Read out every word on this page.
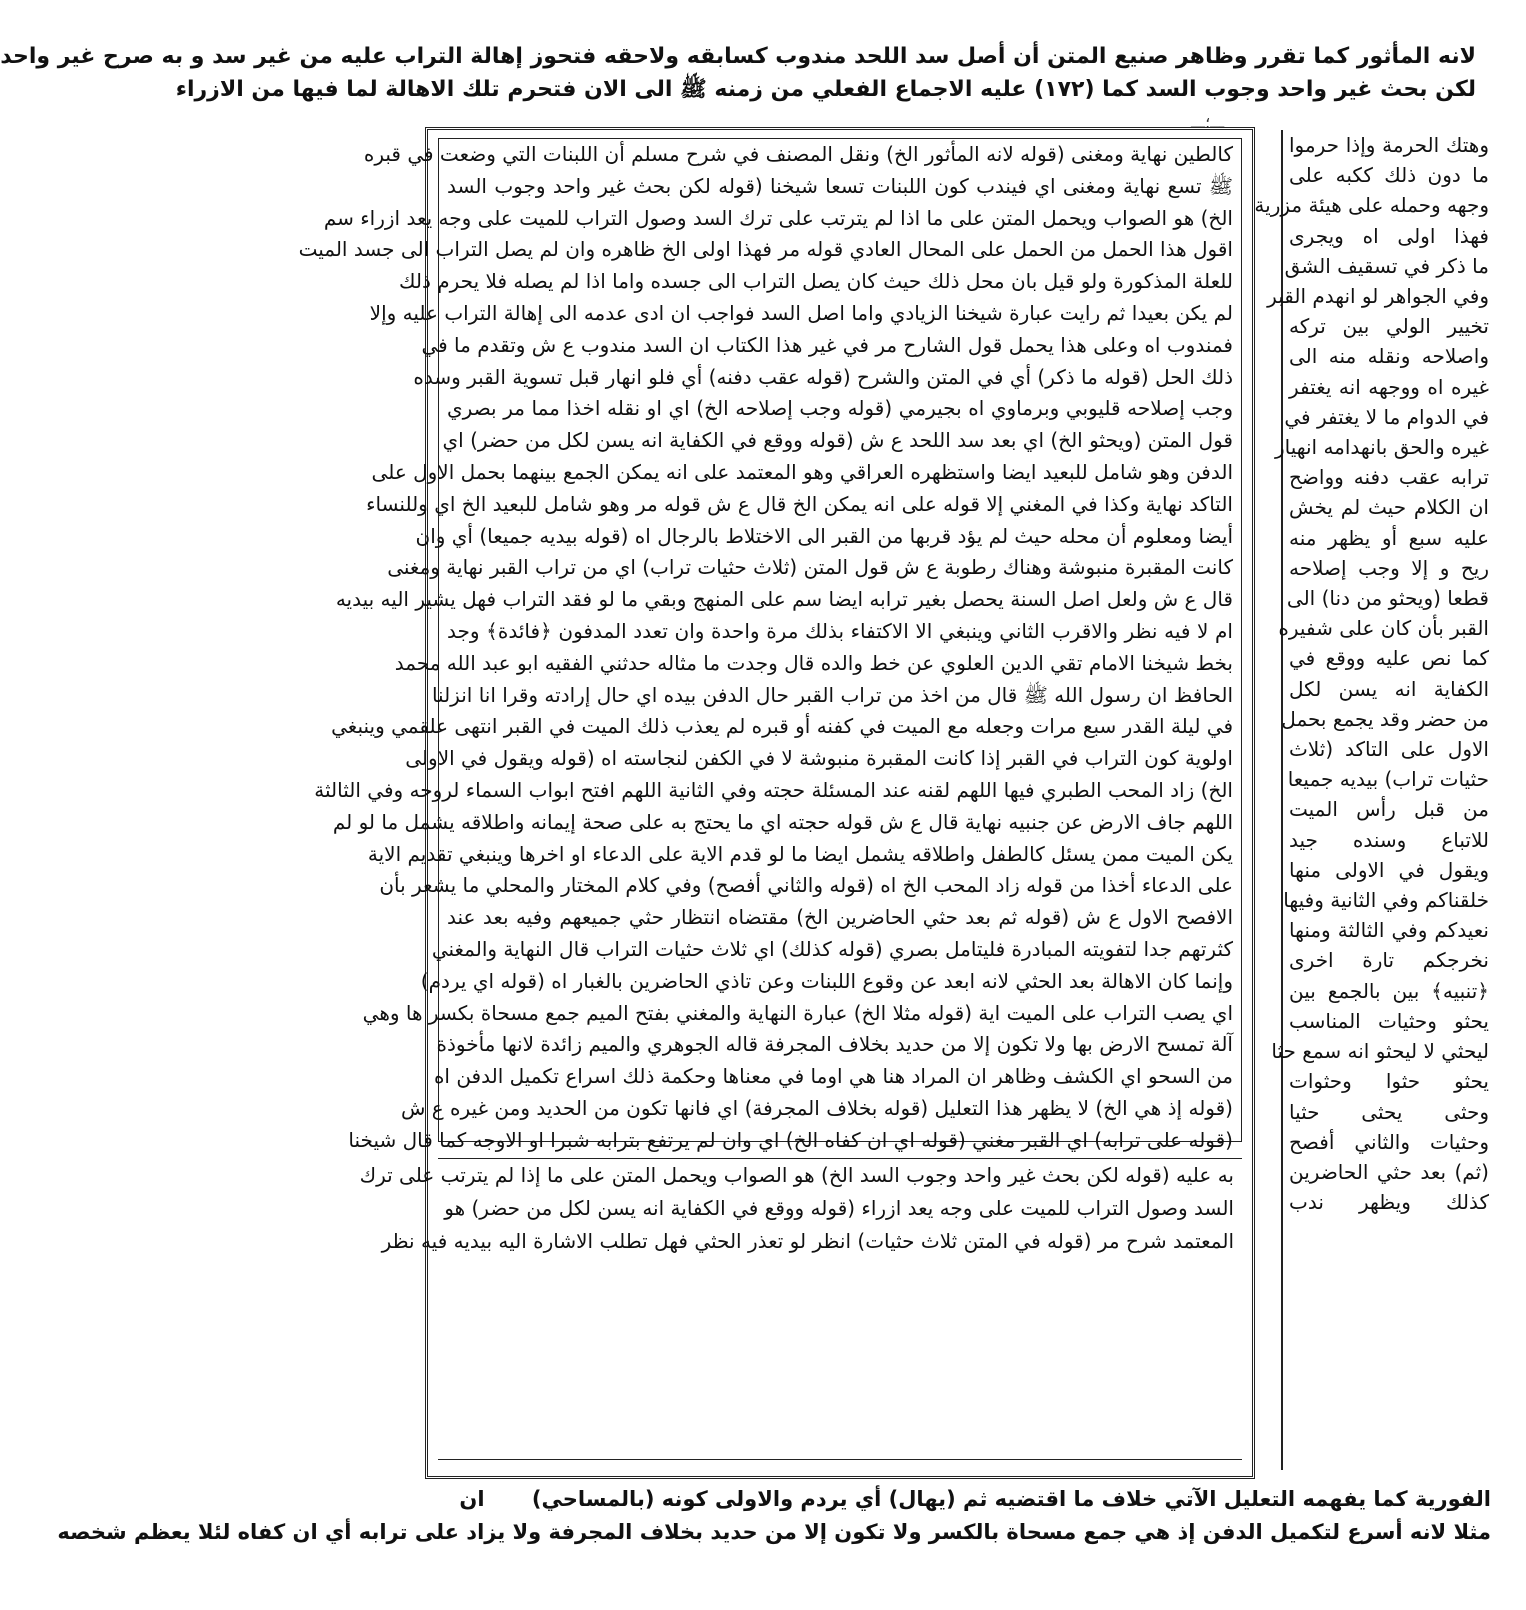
لانه المأثور كما تقرر وظاهر صنيع المتن أن أصل سد اللحد مندوب كسابقه ولاحقه فتحوز إهالة التراب عليه من غير سد و به صرح غير واحد
لكن بحث غير واحد وجوب السد كما (١٧٢) عليه الاجماع الفعلي من زمنه ﷺ الى الان فتحرم تلك الاهالة لما فيها من الازراء
ـــ؛ـــ
وهتك الحرمة وإذا حرموا
ما دون ذلك ككبه على
وجهه وحمله على هيئة مزرية
فهذا اولى اه ويجرى
ما ذكر في تسقيف الشق
وفي الجواهر لو انهدم القبر
تخيير الولي بين تركه
واصلاحه ونقله منه الى
غيره اه ووجهه انه يغتفر
في الدوام ما لا يغتفر في
غيره والحق بانهدامه انهيار
ترابه عقب دفنه وواضح
ان الكلام حيث لم يخش
عليه سبع أو يظهر منه
ريح و إلا وجب إصلاحه
قطعا (ويحثو من دنا) الى
القبر بأن كان على شفيره
كما نص عليه ووقع في
الكفاية انه يسن لكل
من حضر وقد يجمع بحمل
الاول على التاكد (ثلاث
حثيات تراب) بيديه جميعا
من قبل رأس الميت
للاتباع وسنده جيد
ويقول في الاولى منها
خلقناكم وفي الثانية وفيها
نعيدكم وفي الثالثة ومنها
نخرجكم تارة اخرى
﴿تنبيه﴾ بين بالجمع بين
يحثو وحثيات المناسب
ليحثي لا ليحثو انه سمع حثا
يحثو حثوا وحثوات
وحثى يحثى حثيا
وحثيات والثاني أفصح
(ثم) بعد حثي الحاضرين
كذلك ويظهر ندب
كالطين نهاية ومغنى (قوله لانه المأثور الخ) ونقل المصنف في شرح مسلم أن اللبنات التي وضعت في قبره
ﷺ تسع نهاية ومغنى اي فيندب كون اللبنات تسعا شيخنا (قوله لكن بحث غير واحد وجوب السد
الخ) هو الصواب ويحمل المتن على ما اذا لم يترتب على ترك السد وصول التراب للميت على وجه يعد ازراء سم
اقول هذا الحمل من الحمل على المحال العادي قوله مر فهذا اولى الخ ظاهره وان لم يصل التراب الى جسد الميت
للعلة المذكورة ولو قيل بان محل ذلك حيث كان يصل التراب الى جسده واما اذا لم يصله فلا يحرم ذلك
لم يكن بعيدا ثم رايت عبارة شيخنا الزيادي واما اصل السد فواجب ان ادى عدمه الى إهالة التراب عليه وإلا
فمندوب اه وعلى هذا يحمل قول الشارح مر في غير هذا الكتاب ان السد مندوب ع ش وتقدم ما في
ذلك الحل (قوله ما ذكر) أي في المتن والشرح (قوله عقب دفنه) أي فلو انهار قبل تسوية القبر وسده
وجب إصلاحه قليوبي وبرماوي اه بجيرمي (قوله وجب إصلاحه الخ) اي او نقله اخذا مما مر بصري
قول المتن (ويحثو الخ) اي بعد سد اللحد ع ش (قوله ووقع في الكفاية انه يسن لكل من حضر) اي
الدفن وهو شامل للبعيد ايضا واستظهره العراقي وهو المعتمد على انه يمكن الجمع بينهما بحمل الاول على
التاكد نهاية وكذا في المغني إلا قوله على انه يمكن الخ قال ع ش قوله مر وهو شامل للبعيد الخ اي وللنساء
أيضا ومعلوم أن محله حيث لم يؤد قربها من القبر الى الاختلاط بالرجال اه (قوله بيديه جميعا) أي وان
كانت المقبرة منبوشة وهناك رطوبة ع ش قول المتن (ثلاث حثيات تراب) اي من تراب القبر نهاية ومغنى
قال ع ش ولعل اصل السنة يحصل بغير ترابه ايضا سم على المنهج وبقي ما لو فقد التراب فهل يشير اليه بيديه
ام لا فيه نظر والاقرب الثاني وينبغي الا الاكتفاء بذلك مرة واحدة وان تعدد المدفون ﴿فائدة﴾ وجد
بخط شيخنا الامام تقي الدين العلوي عن خط والده قال وجدت ما مثاله حدثني الفقيه ابو عبد الله محمد
الحافظ ان رسول الله ﷺ قال من اخذ من تراب القبر حال الدفن بيده اي حال إرادته وقرا انا انزلنا
في ليلة القدر سبع مرات وجعله مع الميت في كفنه أو قبره لم يعذب ذلك الميت في القبر انتهى علقمي وينبغي
اولوية كون التراب في القبر إذا كانت المقبرة منبوشة لا في الكفن لنجاسته اه (قوله ويقول في الاولى
الخ) زاد المحب الطبري فيها اللهم لقنه عند المسئلة حجته وفي الثانية اللهم افتح ابواب السماء لروحه وفي الثالثة
اللهم جاف الارض عن جنبيه نهاية قال ع ش قوله حجته اي ما يحتج به على صحة إيمانه واطلاقه يشمل ما لو لم
يكن الميت ممن يسئل كالطفل واطلاقه يشمل ايضا ما لو قدم الاية على الدعاء او اخرها وينبغي تقديم الاية
على الدعاء أخذا من قوله زاد المحب الخ اه (قوله والثاني أفصح) وفي كلام المختار والمحلي ما يشعر بأن
الافصح الاول ع ش (قوله ثم بعد حثي الحاضرين الخ) مقتضاه انتظار حثي جميعهم وفيه بعد عند
كثرتهم جدا لتفويته المبادرة فليتامل بصري (قوله كذلك) اي ثلاث حثيات التراب قال النهاية والمغني
وإنما كان الاهالة بعد الحثي لانه ابعد عن وقوع اللبنات وعن تاذي الحاضرين بالغبار اه (قوله اي يردم)
اي يصب التراب على الميت اية (قوله مثلا الخ) عبارة النهاية والمغني بفتح الميم جمع مسحاة بكسر ها وهي
آلة تمسح الارض بها ولا تكون إلا من حديد بخلاف المجرفة قاله الجوهري والميم زائدة لانها مأخوذة
من السحو اي الكشف وظاهر ان المراد هنا هي اوما في معناها وحكمة ذلك اسراع تكميل الدفن اه
(قوله إذ هي الخ) لا يظهر هذا التعليل (قوله بخلاف المجرفة) اي فانها تكون من الحديد ومن غيره ع ش
(قوله على ترابه) اي القبر مغني (قوله اي ان كفاه الخ) اي وان لم يرتفع بترابه شبرا او الاوجه كما قال شيخنا
به عليه (قوله لكن بحث غير واحد وجوب السد الخ) هو الصواب ويحمل المتن على ما إذا لم يترتب على ترك
السد وصول التراب للميت على وجه يعد ازراء (قوله ووقع في الكفاية انه يسن لكل من حضر) هو
المعتمد شرح مر (قوله في المتن ثلاث حثيات) انظر لو تعذر الحثي فهل تطلب الاشارة اليه بيديه فيه نظر
الفورية كما يفهمه التعليل الآتي خلاف ما اقتضيه ثم (يهال) أي يردم والاولى كونه (بالمساحي) ان
مثلا لانه أسرع لتكميل الدفن إذ هي جمع مسحاة بالكسر ولا تكون إلا من حديد بخلاف المجرفة ولا يزاد على ترابه أي ان كفاه لئلا يعظم شخصه
